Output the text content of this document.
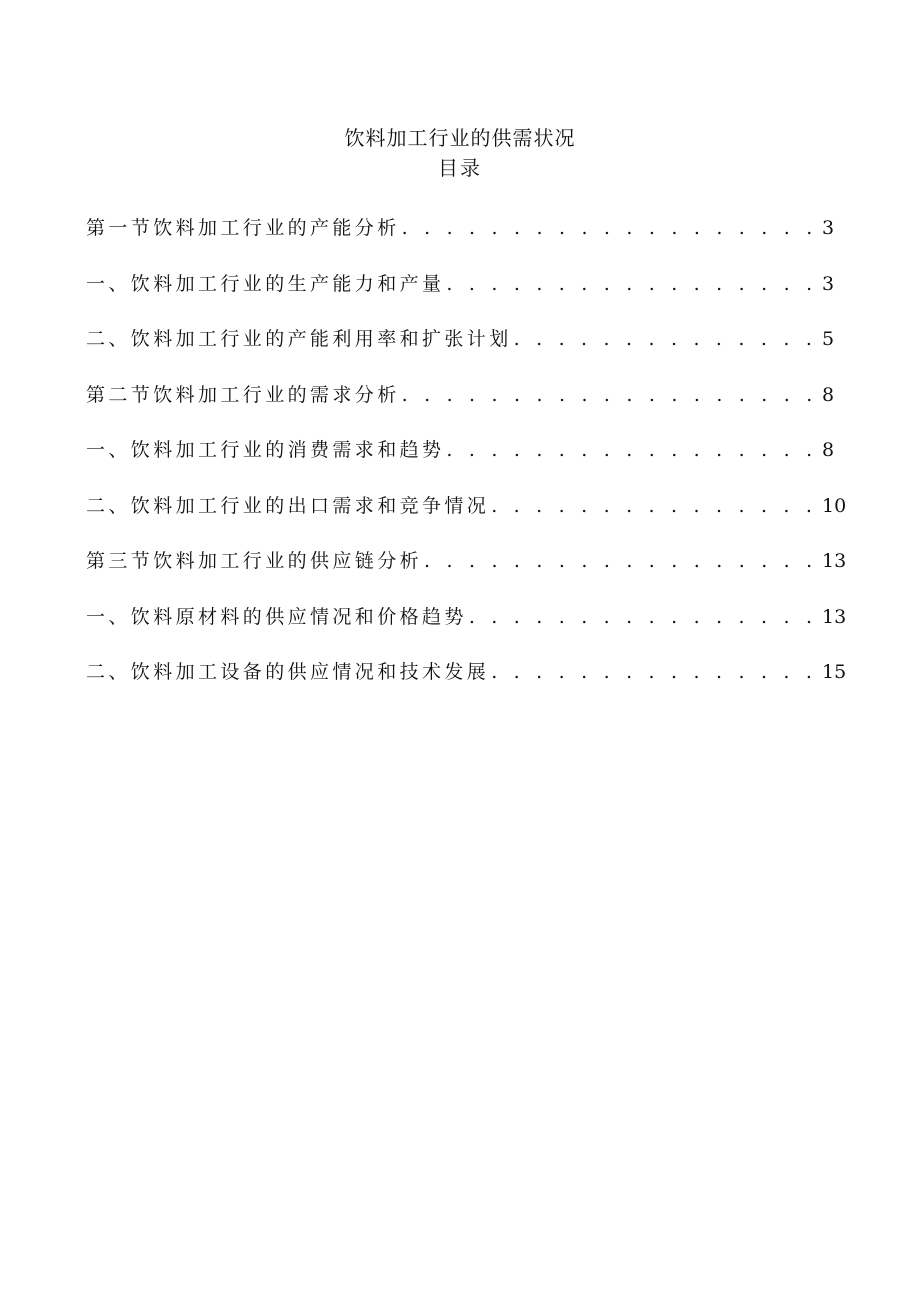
饮料加工行业的供需状况
目录
第一节饮料加工行业的产能分析 . . .	3
一、饮料加工行业的生产能力和产量 . . .	3
二、饮料加工行业的产能利用率和扩张计划 . . .	5
第二节饮料加工行业的需求分析 . . .	8
一、饮料加工行业的消费需求和趋势 . . .	8
二、饮料加工行业的出口需求和竞争情况 . . .	10
第三节饮料加工行业的供应链分析 . . .	13
一、饮料原材料的供应情况和价格趋势 . . .	13
二、饮料加工设备的供应情况和技术发展 . . .	15
